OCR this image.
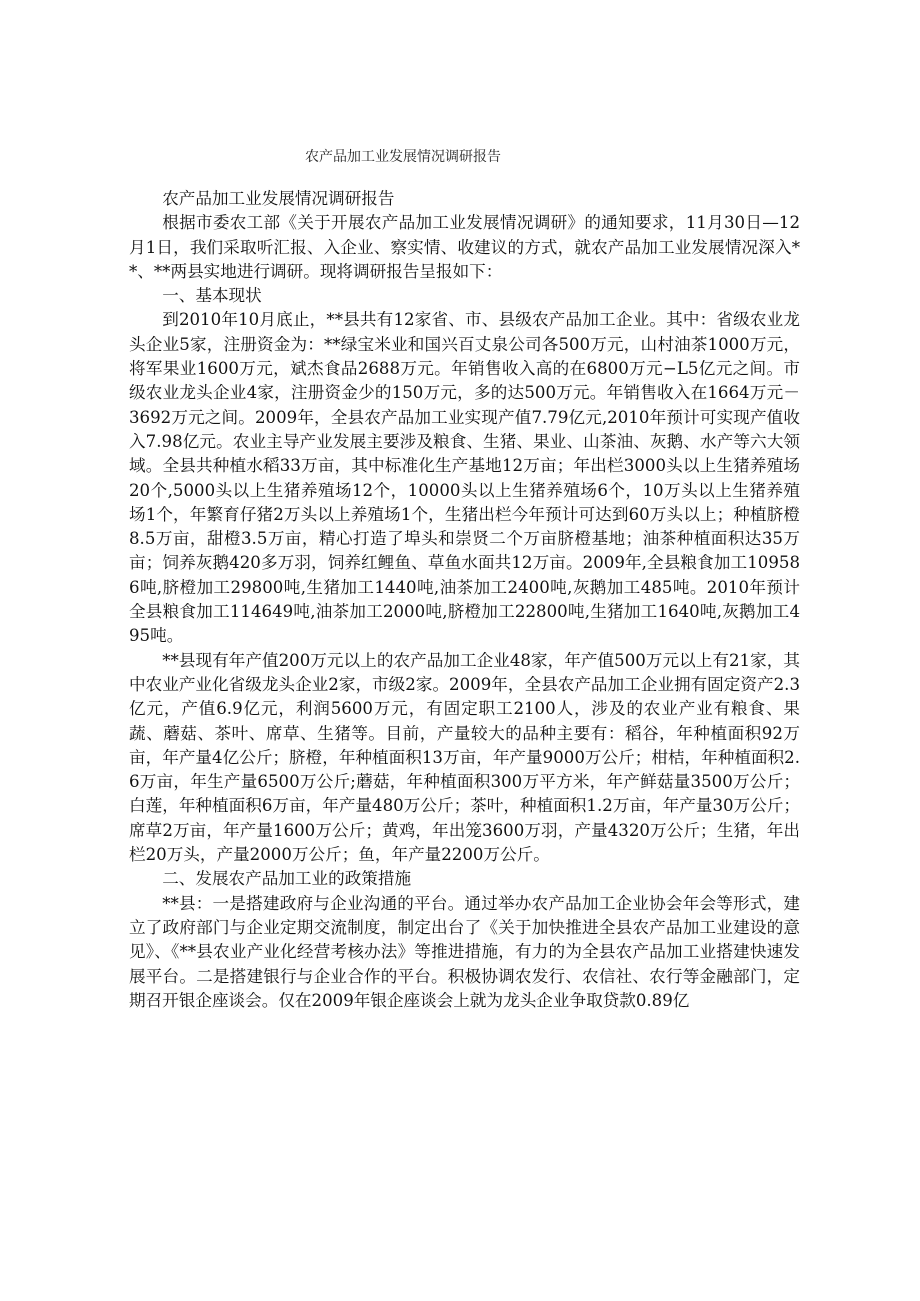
农产品加工业发展情况调研报告

农产品加工业发展情况调研报告

根据市委农工部《关于开展农产品加工业发展情况调研》的通知要求，11月30日—12月1日，我们采取听汇报、入企业、察实情、收建议的方式，就农产品加工业发展情况深入**、**两县实地进行调研。现将调研报告呈报如下：

一、基本现状

到2010年10月底止，**县共有12家省、市、县级农产品加工企业。其中：省级农业龙头企业5家，注册资金为：**绿宝米业和国兴百丈泉公司各500万元，山村油茶1000万元，将军果业1600万元，斌杰食品2688万元。年销售收入高的在6800万元−L5亿元之间。市级农业龙头企业4家，注册资金少的150万元，多的达500万元。年销售收入在1664万元－3692万元之间。2009年，全县农产品加工业实现产值7.79亿元,2010年预计可实现产值收入7.98亿元。农业主导产业发展主要涉及粮食、生猪、果业、山茶油、灰鹅、水产等六大领域。全县共种植水稻33万亩，其中标准化生产基地12万亩；年出栏3000头以上生猪养殖场20个,5000头以上生猪养殖场12个，10000头以上生猪养殖场6个，10万头以上生猪养殖场1个，年繁育仔猪2万头以上养殖场1个，生猪出栏今年预计可达到60万头以上；种植脐橙8.5万亩，甜橙3.5万亩，精心打造了埠头和崇贤二个万亩脐橙基地；油茶种植面积达35万亩；饲养灰鹅420多万羽，饲养红鲤鱼、草鱼水面共12万亩。2009年,全县粮食加工109586吨,脐橙加工29800吨,生猪加工1440吨,油茶加工2400吨,灰鹅加工485吨。2010年预计全县粮食加工114649吨,油茶加工2000吨,脐橙加工22800吨,生猪加工1640吨,灰鹅加工495吨。

**县现有年产值200万元以上的农产品加工企业48家，年产值500万元以上有21家，其中农业产业化省级龙头企业2家，市级2家。2009年，全县农产品加工企业拥有固定资产2.3亿元，产值6.9亿元，利润5600万元，有固定职工2100人，涉及的农业产业有粮食、果蔬、蘑菇、茶叶、席草、生猪等。目前，产量较大的品种主要有：稻谷，年种植面积92万亩，年产量4亿公斤；脐橙，年种植面积13万亩，年产量9000万公斤；柑桔，年种植面积2.6万亩，年生产量6500万公斤;蘑菇，年种植面积300万平方米，年产鲜菇量3500万公斤；白莲，年种植面积6万亩，年产量480万公斤；茶叶，种植面积1.2万亩，年产量30万公斤；席草2万亩，年产量1600万公斤；黄鸡，年出笼3600万羽，产量4320万公斤；生猪，年出栏20万头，产量2000万公斤；鱼，年产量2200万公斤。

二、发展农产品加工业的政策措施

**县：一是搭建政府与企业沟通的平台。通过举办农产品加工企业协会年会等形式，建立了政府部门与企业定期交流制度，制定出台了《关于加快推进全县农产品加工业建设的意见》、《**县农业产业化经营考核办法》等推进措施，有力的为全县农产品加工业搭建快速发展平台。二是搭建银行与企业合作的平台。积极协调农发行、农信社、农行等金融部门，定期召开银企座谈会。仅在2009年银企座谈会上就为龙头企业争取贷款0.89亿
